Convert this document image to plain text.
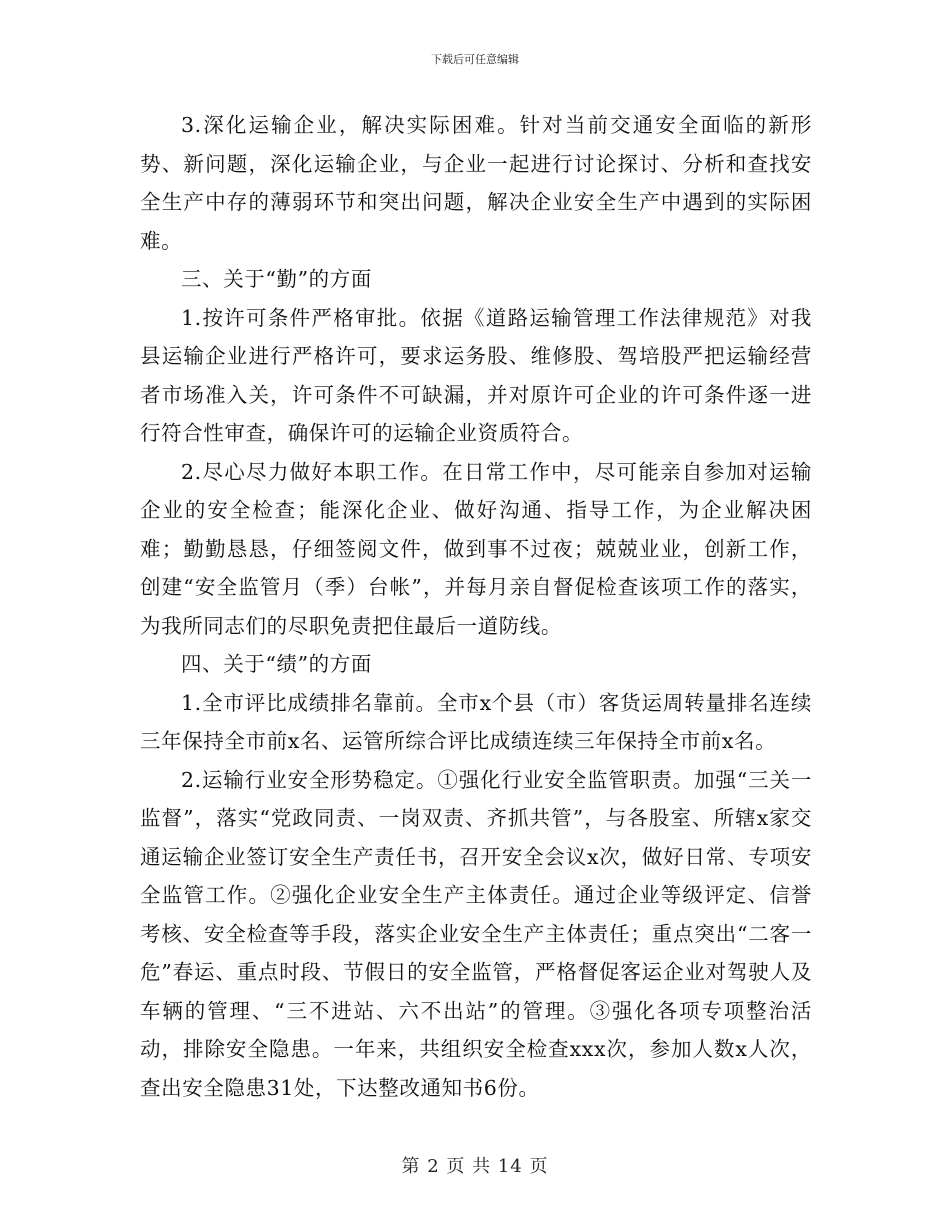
下载后可任意编辑

3.深化运输企业，解决实际困难。针对当前交通安全面临的新形势、新问题，深化运输企业，与企业一起进行讨论探讨、分析和查找安全生产中存的薄弱环节和突出问题，解决企业安全生产中遇到的实际困难。

三、关于“勤”的方面

1.按许可条件严格审批。依据《道路运输管理工作法律规范》对我县运输企业进行严格许可，要求运务股、维修股、驾培股严把运输经营者市场准入关，许可条件不可缺漏，并对原许可企业的许可条件逐一进行符合性审查，确保许可的运输企业资质符合。

2.尽心尽力做好本职工作。在日常工作中，尽可能亲自参加对运输企业的安全检查；能深化企业、做好沟通、指导工作，为企业解决困难；勤勤恳恳，仔细签阅文件，做到事不过夜；兢兢业业，创新工作，创建“安全监管月（季）台帐”，并每月亲自督促检查该项工作的落实，为我所同志们的尽职免责把住最后一道防线。

四、关于“绩”的方面

1.全市评比成绩排名靠前。全市x个县（市）客货运周转量排名连续三年保持全市前x名、运管所综合评比成绩连续三年保持全市前x名。

2.运输行业安全形势稳定。①强化行业安全监管职责。加强“三关一监督”，落实“党政同责、一岗双责、齐抓共管”，与各股室、所辖x家交通运输企业签订安全生产责任书，召开安全会议x次，做好日常、专项安全监管工作。②强化企业安全生产主体责任。通过企业等级评定、信誉考核、安全检查等手段，落实企业安全生产主体责任；重点突出“二客一危”春运、重点时段、节假日的安全监管，严格督促客运企业对驾驶人及车辆的管理、“三不进站、六不出站”的管理。③强化各项专项整治活动，排除安全隐患。一年来，共组织安全检查xxx次，参加人数x人次，查出安全隐患31处，下达整改通知书6份。

第 2 页 共 14 页
